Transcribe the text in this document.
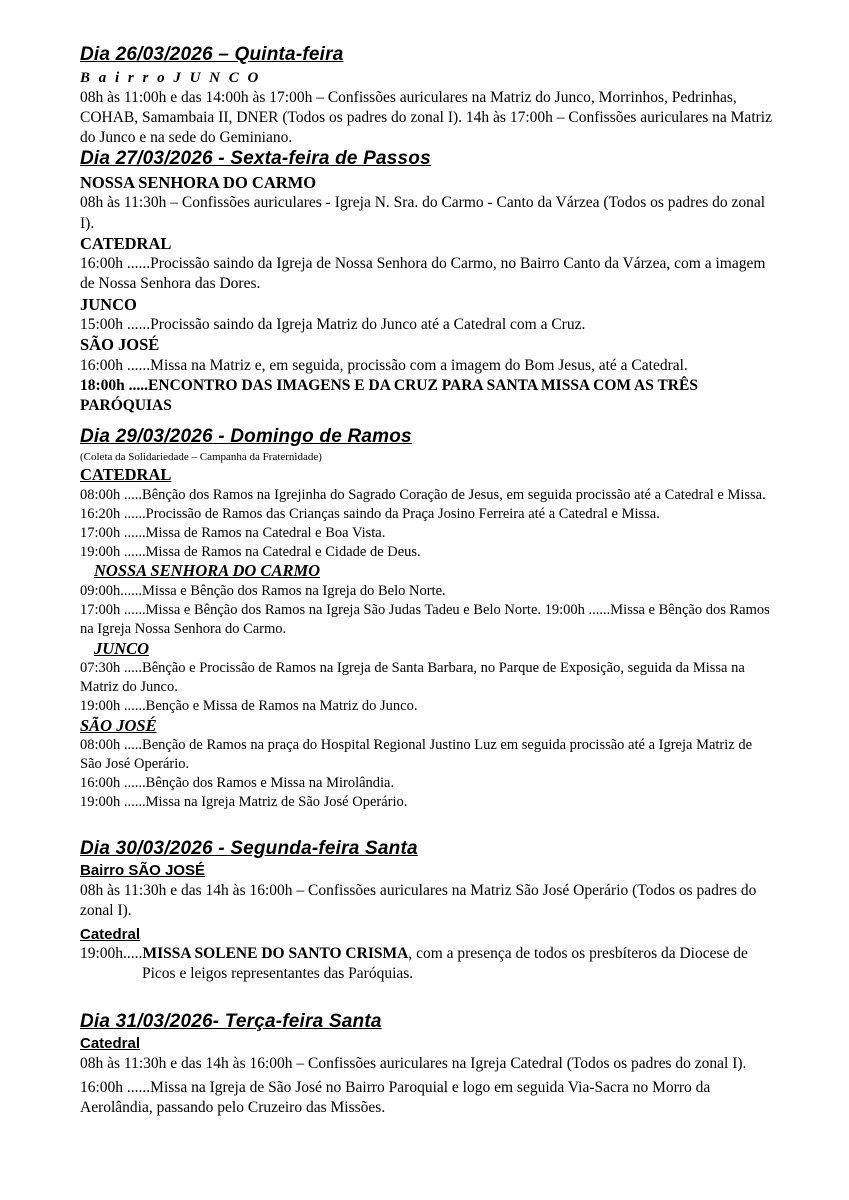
Dia 26/03/2026 – Quinta-feira
B a i r r o J U N C O
08h às 11:00h e das 14:00h às 17:00h – Confissões auriculares na Matriz do Junco, Morrinhos, Pedrinhas, COHAB, Samambaia II, DNER (Todos os padres do zonal I). 14h às 17:00h – Confissões auriculares na Matriz do Junco e na sede do Geminiano.
Dia 27/03/2026 - Sexta-feira de Passos
NOSSA SENHORA DO CARMO
08h às 11:30h – Confissões auriculares - Igreja N. Sra. do Carmo - Canto da Várzea (Todos os padres do zonal I).
CATEDRAL
16:00h ......Procissão saindo da Igreja de Nossa Senhora do Carmo, no Bairro Canto da Várzea, com a imagem de Nossa Senhora das Dores.
JUNCO
15:00h ......Procissão saindo da Igreja Matriz do Junco até a Catedral com a Cruz.
SÃO JOSÉ
16:00h ......Missa na Matriz e, em seguida, procissão com a imagem do Bom Jesus, até a Catedral.
18:00h .....ENCONTRO DAS IMAGENS E DA CRUZ PARA SANTA MISSA COM AS TRÊS PARÓQUIAS
Dia 29/03/2026 - Domingo de Ramos
(Coleta da Solidariedade – Campanha da Fraternidade)
CATEDRAL
08:00h .....Bênção dos Ramos na Igrejinha do Sagrado Coração de Jesus, em seguida procissão até a Catedral e Missa.
16:20h ......Procissão de Ramos das Crianças saindo da Praça Josino Ferreira até a Catedral e Missa.
17:00h ......Missa de Ramos na Catedral e Boa Vista.
19:00h ......Missa de Ramos na Catedral e Cidade de Deus.
NOSSA SENHORA DO CARMO
09:00h......Missa e Bênção dos Ramos na Igreja do Belo Norte.
17:00h ......Missa e Bênção dos Ramos na Igreja São Judas Tadeu e Belo Norte. 19:00h ......Missa e Bênção dos Ramos na Igreja Nossa Senhora do Carmo.
JUNCO
07:30h .....Bênção e Procissão de Ramos na Igreja de Santa Barbara, no Parque de Exposição, seguida da Missa na Matriz do Junco.
19:00h ......Bençãо e Missa de Ramos na Matriz do Junco.
SÃO JOSÉ
08:00h .....Bençãо de Ramos na praça do Hospital Regional Justino Luz em seguida procissão até a Igreja Matriz de São José Operário.
16:00h ......Bênção dos Ramos e Missa na Mirolândia.
19:00h ......Missa na Igreja Matriz de São José Operário.
Dia 30/03/2026 - Segunda-feira Santa
Bairro SÃO JOSÉ
08h às 11:30h e das 14h às 16:00h – Confissões auriculares na Matriz São José Operário (Todos os padres do zonal I).
Catedral
19:00h.....MISSA SOLENE DO SANTO CRISMA, com a presença de todos os presbíteros da Diocese de Picos e leigos representantes das Paróquias.
Dia 31/03/2026- Terça-feira Santa
Catedral
08h às 11:30h e das 14h às 16:00h – Confissões auriculares na Igreja Catedral (Todos os padres do zonal I).
16:00h ......Missa na Igreja de São José no Bairro Paroquial e logo em seguida Via-Sacra no Morro da Aerolândia, passando pelo Cruzeiro das Missões.
